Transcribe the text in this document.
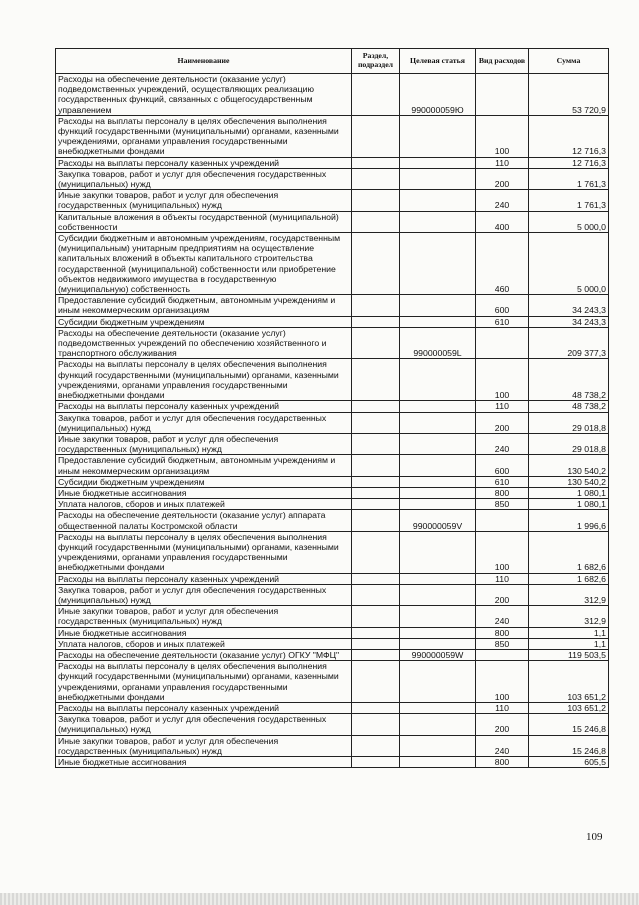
Наименование	Раздел, подраздел	Целевая статья	Вид расходов	Сумма
Расходы на обеспечение деятельности (оказание услуг) подведомственных учреждений, осуществляющих реализацию государственных функций, связанных с общегосударственным управлением		990000059Ю		53 720,9
Расходы на выплаты персоналу в целях обеспечения выполнения функций государственными (муниципальными) органами, казенными учреждениями, органами управления государственными внебюджетными фондами			100	12 716,3
Расходы на выплаты персоналу казенных учреждений			110	12 716,3
Закупка товаров, работ и услуг для обеспечения государственных (муниципальных) нужд			200	1 761,3
Иные закупки товаров, работ и услуг для обеспечения государственных (муниципальных) нужд			240	1 761,3
Капитальные вложения в объекты государственной (муниципальной) собственности			400	5 000,0
Субсидии бюджетным и автономным учреждениям, государственным (муниципальным) унитарным предприятиям на осуществление капитальных вложений в объекты капитального строительства государственной (муниципальной) собственности или приобретение объектов недвижимого имущества в государственную (муниципальную) собственность			460	5 000,0
Предоставление субсидий бюджетным, автономным учреждениям и иным некоммерческим организациям			600	34 243,3
Субсидии бюджетным учреждениям			610	34 243,3
Расходы на обеспечение деятельности (оказание услуг) подведомственных учреждений по обеспечению хозяйственного и транспортного обслуживания		990000059L		209 377,3
Расходы на выплаты персоналу в целях обеспечения выполнения функций государственными (муниципальными) органами, казенными учреждениями, органами управления государственными внебюджетными фондами			100	48 738,2
Расходы на выплаты персоналу казенных учреждений			110	48 738,2
Закупка товаров, работ и услуг для обеспечения государственных (муниципальных) нужд			200	29 018,8
Иные закупки товаров, работ и услуг для обеспечения государственных (муниципальных) нужд			240	29 018,8
Предоставление субсидий бюджетным, автономным учреждениям и иным некоммерческим организациям			600	130 540,2
Субсидии бюджетным учреждениям			610	130 540,2
Иные бюджетные ассигнования			800	1 080,1
Уплата налогов, сборов и иных платежей			850	1 080,1
Расходы на обеспечение деятельности (оказание услуг) аппарата общественной палаты Костромской области		990000059V		1 996,6
Расходы на выплаты персоналу в целях обеспечения выполнения функций государственными (муниципальными) органами, казенными учреждениями, органами управления государственными внебюджетными фондами			100	1 682,6
Расходы на выплаты персоналу казенных учреждений			110	1 682,6
Закупка товаров, работ и услуг для обеспечения государственных (муниципальных) нужд			200	312,9
Иные закупки товаров, работ и услуг для обеспечения государственных (муниципальных) нужд			240	312,9
Иные бюджетные ассигнования			800	1,1
Уплата налогов, сборов и иных платежей			850	1,1
Расходы на обеспечение деятельности (оказание услуг) ОГКУ "МФЦ"		990000059W		119 503,5
Расходы на выплаты персоналу в целях обеспечения выполнения функций государственными (муниципальными) органами, казенными учреждениями, органами управления государственными внебюджетными фондами			100	103 651,2
Расходы на выплаты персоналу казенных учреждений			110	103 651,2
Закупка товаров, работ и услуг для обеспечения государственных (муниципальных) нужд			200	15 246,8
Иные закупки товаров, работ и услуг для обеспечения государственных (муниципальных) нужд			240	15 246,8
Иные бюджетные ассигнования			800	605,5
109
